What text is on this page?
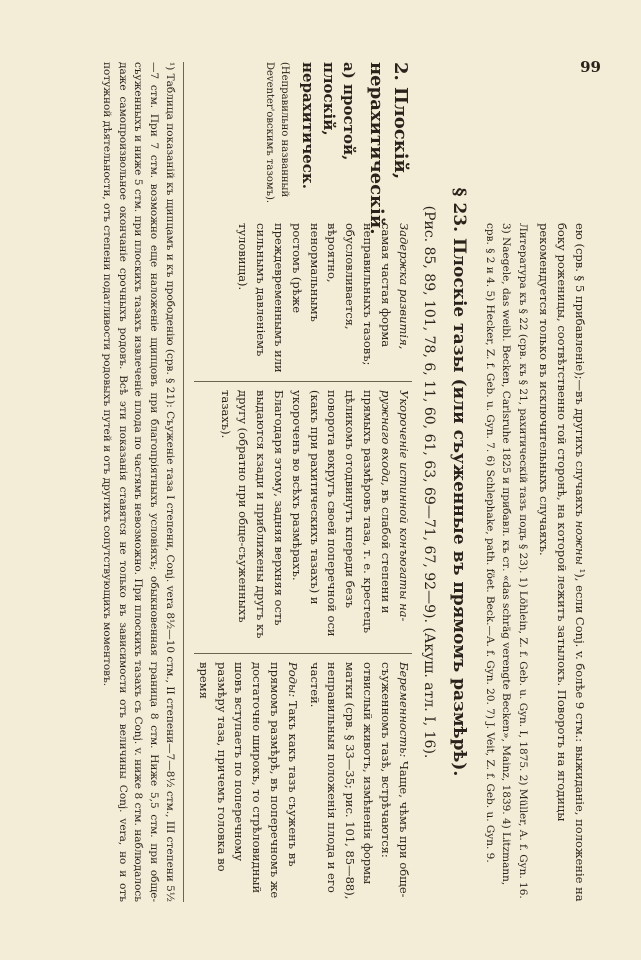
99
ею (срв. § 5 прибавленіе);—въ другихъ случаяхъ ножны ¹), если Conj. v. болѣе 9 стм.: выжиданіе, положеніе на боку роженицы, соотвѣтственно той сторонѣ, на которой лежитъ затылокъ. Поворотъ на ягодицы рекомендуется только въ исключительныхъ случаяхъ.
Литература къ § 22 (срв. къ § 21, рахитическій тазъ подъ § 23). 1) Löhlein, Z. f. Geb. u. Gyn. I, 1875. 2) Müller, A. f. Gyn. 16. 3) Naegele, das weibl. Becken, Carlsruhe 1825 и прибавл. къ ст. «das schräg verengte Becken», Mainz, 1839. 4) Litzmann, срв. § 2 и 4. 5) Hecker, Z. f. Geb. u. Gyn. 7. 6) Schlephake, path. föet. Beck.—A. f. Gyn. 20. 7) J. Veit, Z. f. Geb. u. Gyn. 9.
§ 23. Плоскіе тазы (или съуженные въ прямомъ размѣрѣ).
(Рис. 85, 89, 101, 78, 6, 11, 60, 61, 63, 69—71, 67, 92—9). (Акуш. атл. I, 16).
2. Плоскій, нерахитическій.
а) простой, плоскій, нерахитическ.
(Неправильно названный Deventer'овскимъ тазомъ).
Задержка развитія, самая частая форма неправильныхъ тазовъ; обусловливается, вѣроятно, ненормальнымъ ростомъ (рѣже преждевременнымъ или сильнымъ давленіемъ туловища).
Укороченіе истинной конъюгаты на-ружнаго входа, въ слабой степени и прямыхъ размѣровъ таза, т. е. крестецъ цѣликомъ отодвинутъ кпереди безъ поворота вокругъ своей поперечной оси (какъ при рахитическихъ тазахъ) и укороченъ во всѣхъ размѣрахъ. Благодаря этому, задняя верхняя ость выдаются кзади и приближены другъ къ другу (обратно при обще-съуженныхъ тазахъ).
Беременность: Чаще, чѣмъ при обще-съуженномъ тазѣ, встрѣчаются: отвислый животъ, измѣненія формы матки (срв. § 33—35; рис. 101, 85—88), неправильныя положенія плода и его частей.
Роды: Такъ какъ тазъ съуженъ въ прямомъ размѣрѣ, въ поперечномъ же достаточно широкъ, то стрѣловидный шовъ вступаетъ по поперечному размѣру таза, причемъ головка во время
¹) Таблица показаній къ щипцамъ и къ прободенію (срв. § 21): Съуженіе таза I степени, Conj. vera 8½—10 стм., II степени—7—8½ стм., III степени 5½—7 стм. При 7 стм. возможно еще наложеніе щипцовъ при благопріятныхъ условіяхъ; обыкновенная граница 8 стм. Ниже 5,5 стм. при обще-съуженныхъ и ниже 5 стм. при плоскихъ тазахъ извлеченіе плода по частямъ невозможно. При плоскихъ тазахъ съ Conj. v. ниже 8 стм. наблюдалось даже самопроизвольное окончаніе срочныхъ родовъ. Всѣ эти показанія ставятся не только въ зависимости отъ величины Conj. vera, но и отъ потужной дѣятельности, отъ степени податливости родовыхъ путей и отъ другихъ сопутствующихъ моментовъ.
